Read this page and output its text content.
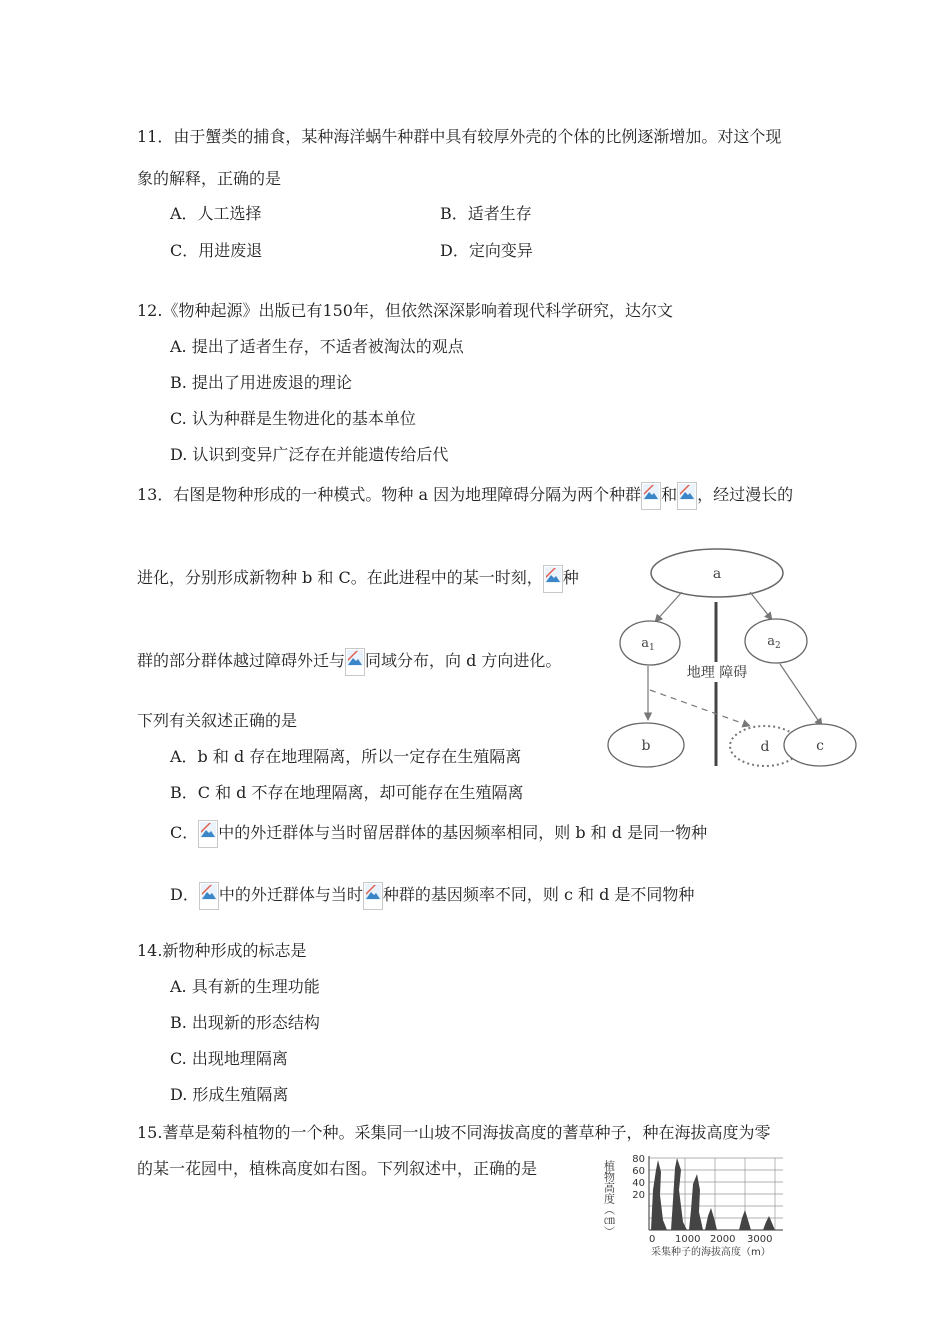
11．由于蟹类的捕食，某种海洋蜗牛种群中具有较厚外壳的个体的比例逐渐增加。对这个现
象的解释，正确的是
A．人工选择	B．适者生存
C．用进废退	D．定向变异
12.《物种起源》出版已有150年，但依然深深影响着现代科学研究，达尔文
A. 提出了适者生存，不适者被淘汰的观点
B. 提出了用进废退的理论
C. 认为种群是生物进化的基本单位
D. 认识到变异广泛存在并能遗传给后代
13．右图是物种形成的一种模式。物种 a 因为地理障碍分隔为两个种群 和 ，经过漫长的
进化，分别形成新物种 b 和 C。在此进程中的某一时刻， 种
群的部分群体越过障碍外迁与 同域分布，向 d 方向进化。
下列有关叙述正确的是
A．b 和 d 存在地理隔离，所以一定存在生殖隔离
B．C 和 d 不存在地理隔离，却可能存在生殖隔离
C． 中的外迁群体与当时留居群体的基因频率相同，则 b 和 d 是同一物种
D． 中的外迁群体与当时 种群的基因频率不同，则 c 和 d 是不同物种
a
$a_1$	$a_2$
地理 障碍
b	d	c
14.新物种形成的标志是
A. 具有新的生理功能
B. 出现新的形态结构
C. 出现地理隔离
D. 形成生殖隔离
15.蓍草是菊科植物的一个种。采集同一山坡不同海拔高度的蓍草种子，种在海拔高度为零
的某一花园中，植株高度如右图。下列叙述中，正确的是	植物高度（㎝）
80
60
40
20
0 1000 2000 3000
采集种子的海拔高度（m）
